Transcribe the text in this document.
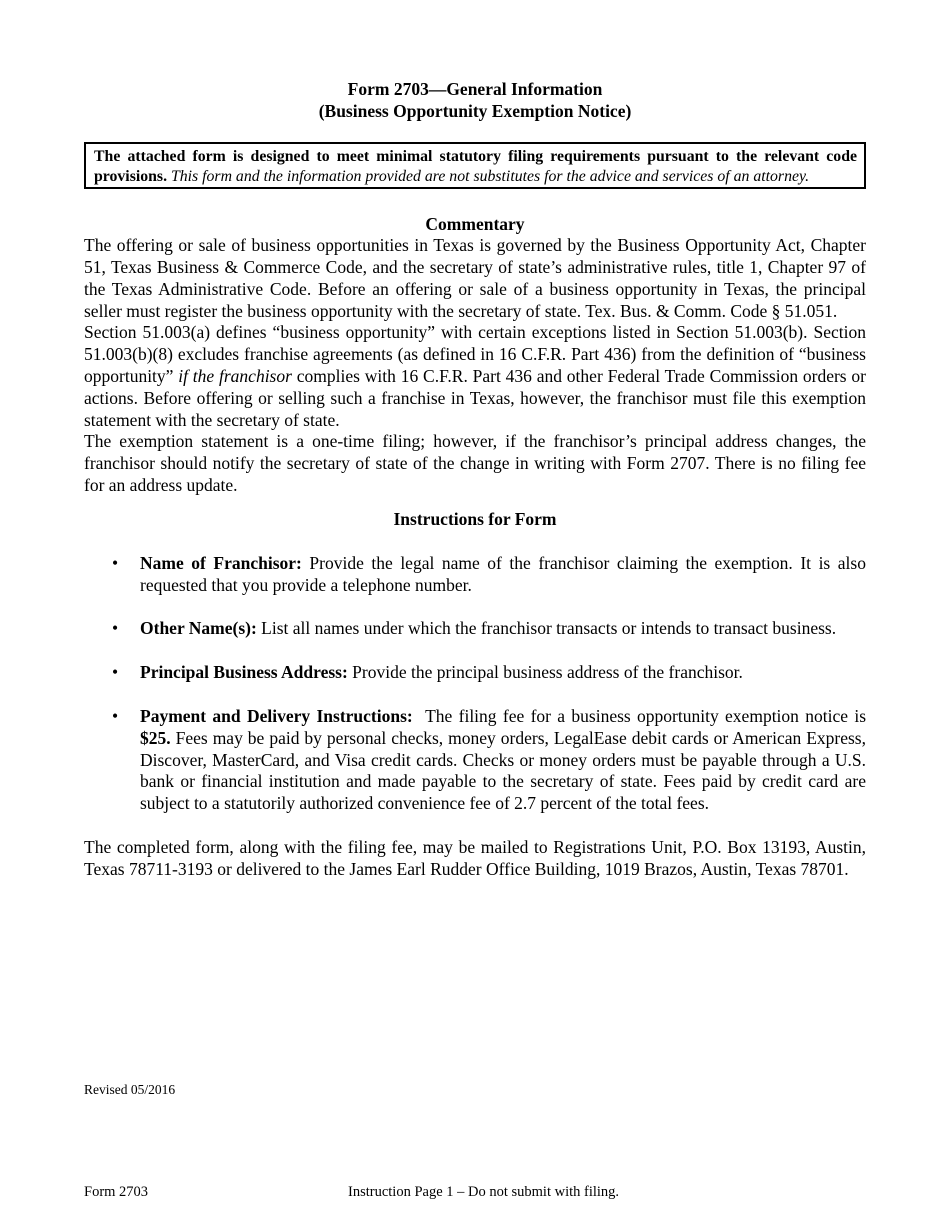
Form 2703—General Information
(Business Opportunity Exemption Notice)
The attached form is designed to meet minimal statutory filing requirements pursuant to the relevant code provisions. This form and the information provided are not substitutes for the advice and services of an attorney.
Commentary

The offering or sale of business opportunities in Texas is governed by the Business Opportunity Act, Chapter 51, Texas Business & Commerce Code, and the secretary of state’s administrative rules, title 1, Chapter 97 of the Texas Administrative Code. Before an offering or sale of a business opportunity in Texas, the principal seller must register the business opportunity with the secretary of state. Tex. Bus. & Comm. Code § 51.051.

Section 51.003(a) defines “business opportunity” with certain exceptions listed in Section 51.003(b). Section 51.003(b)(8) excludes franchise agreements (as defined in 16 C.F.R. Part 436) from the definition of “business opportunity” if the franchisor complies with 16 C.F.R. Part 436 and other Federal Trade Commission orders or actions. Before offering or selling such a franchise in Texas, however, the franchisor must file this exemption statement with the secretary of state.

The exemption statement is a one-time filing; however, if the franchisor’s principal address changes, the franchisor should notify the secretary of state of the change in writing with Form 2707. There is no filing fee for an address update.

Instructions for Form
• Name of Franchisor: Provide the legal name of the franchisor claiming the exemption. It is also requested that you provide a telephone number.
• Other Name(s): List all names under which the franchisor transacts or intends to transact business.
• Principal Business Address: Provide the principal business address of the franchisor.
• Payment and Delivery Instructions: The filing fee for a business opportunity exemption notice is $25. Fees may be paid by personal checks, money orders, LegalEase debit cards or American Express, Discover, MasterCard, and Visa credit cards. Checks or money orders must be payable through a U.S. bank or financial institution and made payable to the secretary of state. Fees paid by credit card are subject to a statutorily authorized convenience fee of 2.7 percent of the total fees.

The completed form, along with the filing fee, may be mailed to Registrations Unit, P.O. Box 13193, Austin, Texas 78711-3193 or delivered to the James Earl Rudder Office Building, 1019 Brazos, Austin, Texas 78701.

Revised 05/2016
Form 2703	Instruction Page 1 – Do not submit with filing.
